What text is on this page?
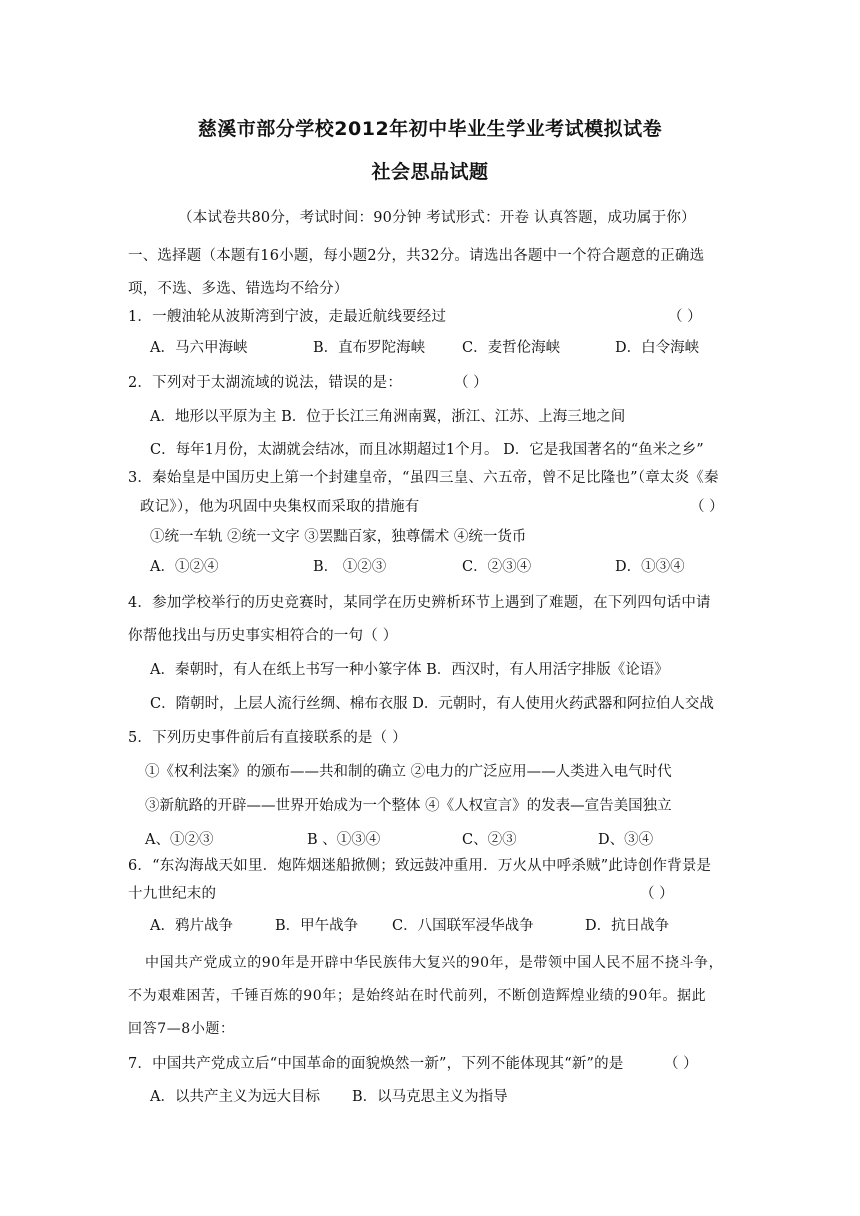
慈溪市部分学校2012年初中毕业生学业考试模拟试卷
社会思品试题
（本试卷共80分，考试时间：90分钟 考试形式：开卷 认真答题，成功属于你）
一、选择题（本题有16小题，每小题2分，共32分。请选出各题中一个符合题意的正确选
项，不选、多选、错选均不给分）
1．一艘油轮从波斯湾到宁波，走最近航线要经过	（ ）
A．马六甲海峡	B．直布罗陀海峡	C．麦哲伦海峡	D．白令海峡
2．下列对于太湖流域的说法，错误的是：	（ ）
A．地形以平原为主 B．位于长江三角洲南翼，浙江、江苏、上海三地之间
C．每年1月份，太湖就会结冰，而且冰期超过1个月。 D．它是我国著名的“鱼米之乡”
3．秦始皇是中国历史上第一个封建皇帝，“虽四三皇、六五帝，曾不足比隆也”（章太炎《秦
政记》），他为巩固中央集权而采取的措施有	（ ）
①统一车轨 ②统一文字 ③罢黜百家，独尊儒术 ④统一货币
A．①②④	B． ①②③	C．②③④	D．①③④
4．参加学校举行的历史竞赛时，某同学在历史辨析环节上遇到了难题，在下列四句话中请
你帮他找出与历史事实相符合的一句（ ）
A．秦朝时，有人在纸上书写一种小篆字体 B．西汉时，有人用活字排版《论语》
C．隋朝时，上层人流行丝绸、棉布衣服 D．元朝时，有人使用火药武器和阿拉伯人交战
5．下列历史事件前后有直接联系的是（ ）
①《权利法案》的颁布——共和制的确立 ②电力的广泛应用——人类进入电气时代
③新航路的开辟——世界开始成为一个整体 ④《人权宣言》的发表—宣告美国独立
A、①②③	B 、①③④	C、②③	D、③④
6．“东沟海战天如里．炮阵烟迷船掀侧；致远鼓冲重用．万火从中呼杀贼”此诗创作背景是
十九世纪末的	（ ）
A．鸦片战争	B．甲午战争 C．八国联军浸华战争	D．抗日战争
中国共产党成立的90年是开辟中华民族伟大复兴的90年，是带领中国人民不屈不挠斗争，
不为艰难困苦，千锤百炼的90年；是始终站在时代前列，不断创造辉煌业绩的90年。据此
回答7—8小题：
7．中国共产党成立后“中国革命的面貌焕然一新”，下列不能体现其“新”的是	（ ）
A．以共产主义为远大目标 B．以马克思主义为指导
